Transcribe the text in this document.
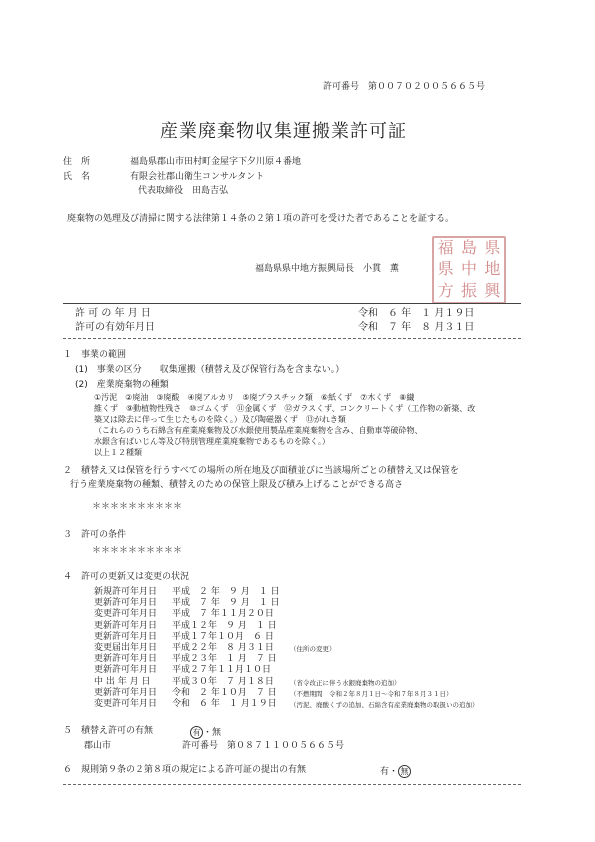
許可番号　第００７０２００５６６５号
産業廃棄物収集運搬業許可証
住　所	福島県郡山市田村町金屋字下夕川原４番地
氏　名	有限会社郡山衛生コンサルタント
代表取締役　田島吉弘
廃棄物の処理及び清掃に関する法律第１４条の２第１項の許可を受けた者であることを証する。
福島県県中地方振興局長　小貫　薫
福 島 県
県 中 地
方 振 興
許 可 の 年 月 日	令和　６ 年　１ 月１９日
許可の有効年月日	令和　７ 年　８ 月３１日
１　事業の範囲
(1)　事業の区分　　収集運搬（積替え及び保管行為を含まない。）
(2)　産業廃棄物の種類
①汚泥　②廃油　③廃酸　④廃アルカリ　⑤廃プラスチック類　⑥紙くず　⑦木くず　⑧繊
維くず　⑨動植物性残さ　⑩ゴムくず　⑪金属くず　⑫ガラスくず、コンクリートくず（工作物の新築、改
築又は除去に伴って生じたものを除く。）及び陶磁器くず　⑬がれき類
（これらのうち石綿含有産業廃棄物及び水銀使用製品産業廃棄物を含み、自動車等破砕物、
水銀含有ばいじん等及び特別管理産業廃棄物であるものを除く。）
以上１２種類
２　積替え又は保管を行うすべての場所の所在地及び面積並びに当該場所ごとの積替え又は保管を
行う産業廃棄物の種類、積替えのための保管上限及び積み上げることができる高さ
＊＊＊＊＊＊＊＊＊＊
３　許可の条件
＊＊＊＊＊＊＊＊＊＊
４　許可の更新又は変更の状況
新規許可年月日 平成　２ 年　９ 月　１ 日
更新許可年月日 平成　７ 年　９ 月　１ 日
変更許可年月日 平成　７ 年１１月２０日
更新許可年月日 平成１２年　９ 月　１ 日
更新許可年月日 平成１７年１０月　６ 日
変更届出年月日 平成２２年　８ 月３１日 （住所の変更）
更新許可年月日 平成２３年　１ 月　７ 日
更新許可年月日 平成２７年１１月１０日
中 出 年 月 日 平成３０年　７ 月１８日 （省令改正に伴う水銀廃棄物の追加）
更新許可年月日 令和　２ 年１０月　７ 日 （不燃期間　令和２年８月１日～令和７年８月３１日）
変更許可年月日 令和　６ 年　１ 月１９日 （汚泥、廃酸くずの追加、石綿含有産業廃棄物の取扱いの追加）
５　積替え許可の有無	有 ・無
郡山市	許可番号　第０８７１１００５６６５号
６　規則第９条の２第８項の規定による許可証の提出の有無	有・ 無
